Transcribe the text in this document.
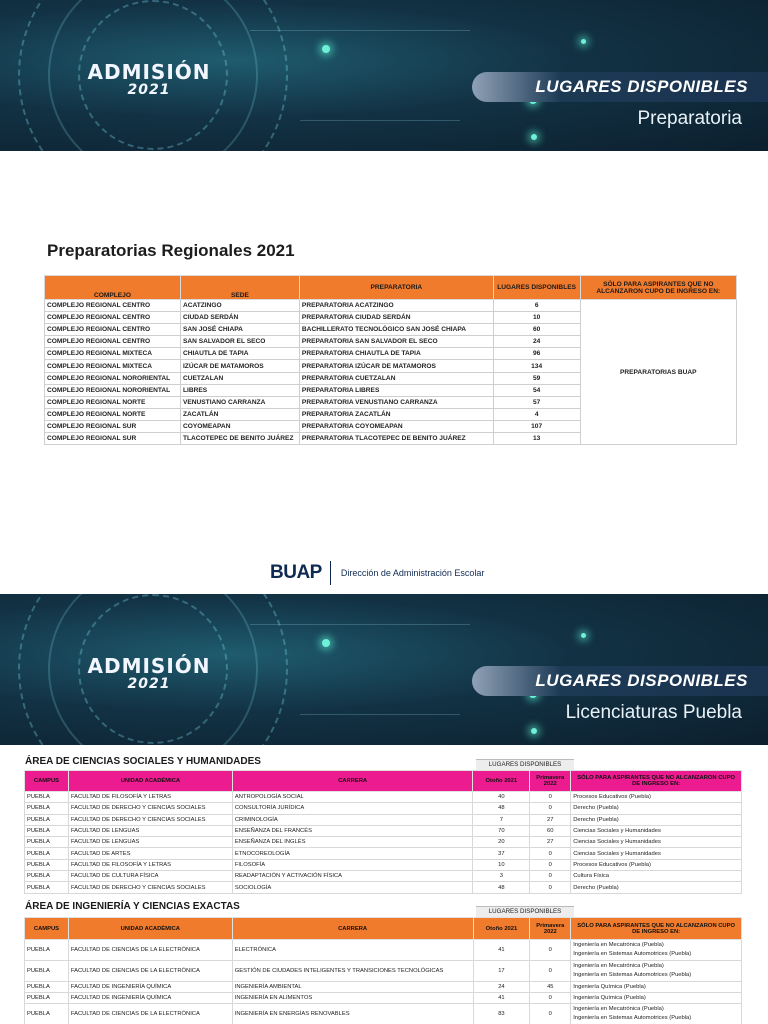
ADMISIÓN
2021	LUGARES DISPONIBLES
Preparatoria
Preparatorias Regionales 2021
COMPLEJO	SEDE	PREPARATORIA	LUGARES DISPONIBLES	SÓLO PARA ASPIRANTES QUE NO ALCANZARON CUPO DE INGRESO EN:
COMPLEJO REGIONAL CENTRO	ACATZINGO	PREPARATORIA ACATZINGO	6	PREPARATORIAS BUAP
COMPLEJO REGIONAL CENTRO	CIUDAD SERDÁN	PREPARATORIA CIUDAD SERDÁN	10	
COMPLEJO REGIONAL CENTRO	SAN JOSÉ CHIAPA	BACHILLERATO TECNOLÓGICO SAN JOSÉ CHIAPA	60	
COMPLEJO REGIONAL CENTRO	SAN SALVADOR EL SECO	PREPARATORIA SAN SALVADOR EL SECO	24	
COMPLEJO REGIONAL MIXTECA	CHIAUTLA DE TAPIA	PREPARATORIA CHIAUTLA DE TAPIA	96	
COMPLEJO REGIONAL MIXTECA	IZÚCAR DE MATAMOROS	PREPARATORIA IZÚCAR DE MATAMOROS	134	
COMPLEJO REGIONAL NORORIENTAL	CUETZALAN	PREPARATORIA CUETZALAN	59	
COMPLEJO REGIONAL NORORIENTAL	LIBRES	PREPARATORIA LIBRES	54	
COMPLEJO REGIONAL NORTE	VENUSTIANO CARRANZA	PREPARATORIA VENUSTIANO CARRANZA	57	
COMPLEJO REGIONAL NORTE	ZACATLÁN	PREPARATORIA ZACATLÁN	4	
COMPLEJO REGIONAL SUR	COYOMEAPAN	PREPARATORIA COYOMEAPAN	107	
COMPLEJO REGIONAL SUR	TLACOTEPEC DE BENITO JUÁREZ	PREPARATORIA TLACOTEPEC DE BENITO JUÁREZ	13	
BUAP Dirección de Administración Escolar
ADMISIÓN
2021	LUGARES DISPONIBLES
Licenciaturas Puebla
ÁREA DE CIENCIAS SOCIALES Y HUMANIDADES	LUGARES DISPONIBLES
CAMPUS	UNIDAD ACADÉMICA	CARRERA	Otoño 2021	Primavera 2022	SÓLO PARA ASPIRANTES QUE NO ALCANZARON CUPO DE INGRESO EN:
PUEBLA	FACULTAD DE FILOSOFÍA Y LETRAS	ANTROPOLOGÍA SOCIAL	40	0	Procesos Educativos (Puebla)
PUEBLA	FACULTAD DE DERECHO Y CIENCIAS SOCIALES	CONSULTORÍA JURÍDICA	48	0	Derecho (Puebla)
PUEBLA	FACULTAD DE DERECHO Y CIENCIAS SOCIALES	CRIMINOLOGÍA	7	27	Derecho (Puebla)
PUEBLA	FACULTAD DE LENGUAS	ENSEÑANZA DEL FRANCÉS	70	60	Ciencias Sociales y Humanidades
PUEBLA	FACULTAD DE LENGUAS	ENSEÑANZA DEL INGLÉS	20	27	Ciencias Sociales y Humanidades
PUEBLA	FACULTAD DE ARTES	ETNOCOREOLOGÍA	37	0	Ciencias Sociales y Humanidades
PUEBLA	FACULTAD DE FILOSOFÍA Y LETRAS	FILOSOFÍA	10	0	Procesos Educativos (Puebla)
PUEBLA	FACULTAD DE CULTURA FÍSICA	READAPTACIÓN Y ACTIVACIÓN FÍSICA	3	0	Cultura Física
PUEBLA	FACULTAD DE DERECHO Y CIENCIAS SOCIALES	SOCIOLOGÍA	48	0	Derecho (Puebla)
ÁREA DE INGENIERÍA Y CIENCIAS EXACTAS	LUGARES DISPONIBLES
CAMPUS	UNIDAD ACADÉMICA	CARRERA	Otoño 2021	Primavera 2022	SÓLO PARA ASPIRANTES QUE NO ALCANZARON CUPO DE INGRESO EN:
PUEBLA	FACULTAD DE CIENCIAS DE LA ELECTRÓNICA	ELECTRÓNICA	41	0	Ingeniería en Mecatrónica (Puebla)
Ingeniería en Sistemas Automotrices (Puebla)

PUEBLA	FACULTAD DE CIENCIAS DE LA ELECTRÓNICA	GESTIÓN DE CIUDADES INTELIGENTES Y TRANSICIONES TECNOLÓGICAS	17	0	Ingeniería en Mecatrónica (Puebla)
Ingeniería en Sistemas Automotrices (Puebla)

PUEBLA	FACULTAD DE INGENIERÍA QUÍMICA	INGENIERÍA AMBIENTAL	24	45	Ingeniería Química (Puebla)

PUEBLA	FACULTAD DE INGENIERÍA QUÍMICA	INGENIERÍA EN ALIMENTOS	41	0	Ingeniería Química (Puebla)

PUEBLA	FACULTAD DE CIENCIAS DE LA ELECTRÓNICA	INGENIERÍA EN ENERGÍAS RENOVABLES	83	0	Ingeniería en Mecatrónica (Puebla)
Ingeniería en Sistemas Automotrices (Puebla)
